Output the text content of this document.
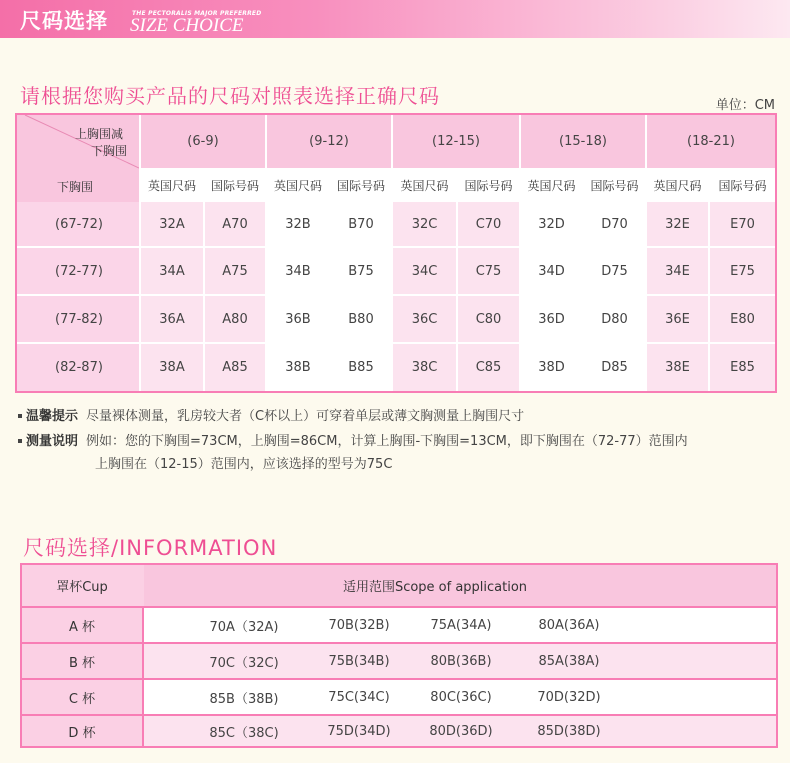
尺码选择	THE PECTORALIS MAJOR PREFERRED
SIZE CHOICE
请根据您购买产品的尺码对照表选择正确尺码	单位：CM
上胸围减
下胸围
下胸围
(6-9)	(9-12)	(12-15)	(15-18)	(18-21)
英国尺码	国际号码	英国尺码	国际号码	英国尺码	国际号码	英国尺码	国际号码	英国尺码	国际号码
(67-72)	32A	A70	32B	B70	32C	C70	32D	D70	32E	E70
(72-77)	34A	A75	34B	B75	34C	C75	34D	D75	34E	E75
(77-82)	36A	A80	36B	B80	36C	C80	36D	D80	36E	E80
(82-87)	38A	A85	38B	B85	38C	C85	38D	D85	38E	E85
温馨提示 尽量裸体测量，乳房较大者（C杯以上）可穿着单层或薄文胸测量上胸围尺寸
测量说明 例如：您的下胸围=73CM，上胸围=86CM，计算上胸围-下胸围=13CM，即下胸围在（72-77）范围内
上胸围在（12-15）范围内，应该选择的型号为75C
尺码选择/INFORMATION
罩杯Cup	适用范围Scope of application
A 杯	70A（32A)	70B(32B)	75A(34A)	80A(36A)
B 杯	70C（32C)	75B(34B)	80B(36B)	85A(38A)
C 杯	85B（38B)	75C(34C)	80C(36C)	70D(32D)
D 杯	85C（38C)	75D(34D)	80D(36D)	85D(38D)
